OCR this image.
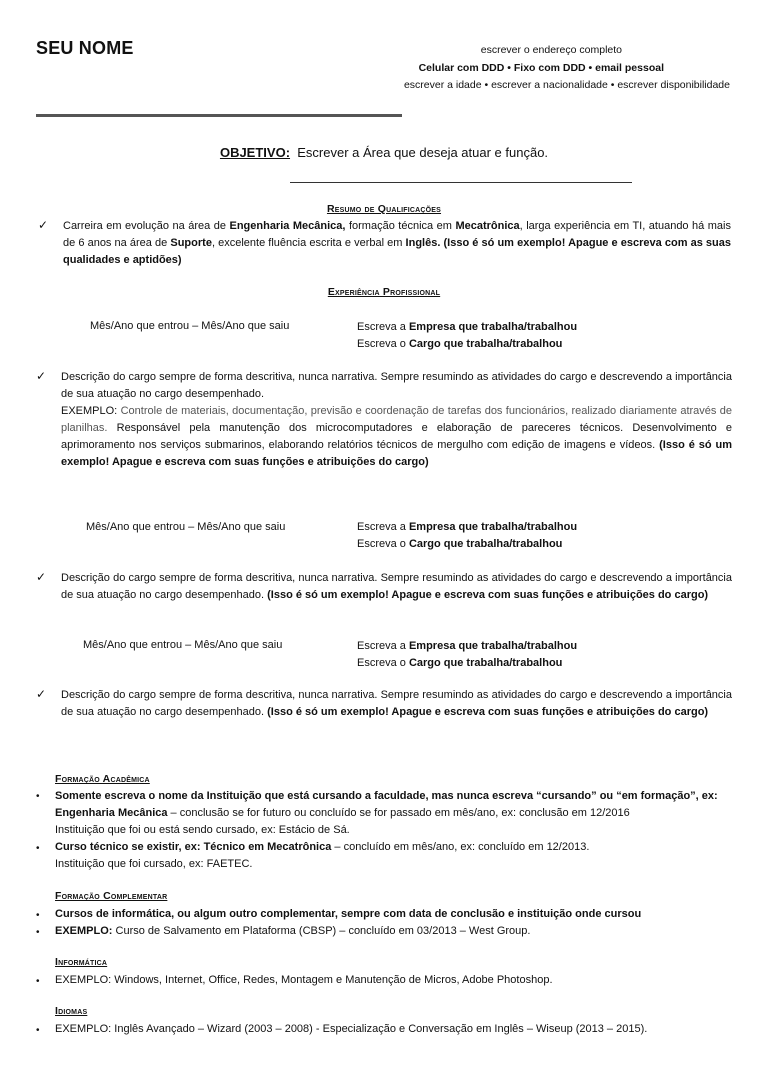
SEU NOME	escrever o endereço completo
Celular com DDD • Fixo com DDD • email pessoal
escrever a idade • escrever a nacionalidade • escrever disponibilidade
OBJETIVO: Escrever a Área que deseja atuar e função.
Resumo de Qualificações
✓ Carreira em evolução na área de Engenharia Mecânica, formação técnica em Mecatrônica, larga experiência em TI, atuando há mais de 6 anos na área de Suporte, excelente fluência escrita e verbal em Inglês. (Isso é só um exemplo! Apague e escreva com as suas qualidades e aptidões)
Experiência Profissional
Mês/Ano que entrou – Mês/Ano que saiu	Escreva a Empresa que trabalha/trabalhou
Escreva o Cargo que trabalha/trabalhou
✓ Descrição do cargo sempre de forma descritiva, nunca narrativa. Sempre resumindo as atividades do cargo e descrevendo a importância de sua atuação no cargo desempenhado.
EXEMPLO: Controle de materiais, documentação, previsão e coordenação de tarefas dos funcionários, realizado diariamente através de planilhas. Responsável pela manutenção dos microcomputadores e elaboração de pareceres técnicos. Desenvolvimento e aprimoramento nos serviços submarinos, elaborando relatórios técnicos de mergulho com edição de imagens e vídeos. (Isso é só um exemplo! Apague e escreva com suas funções e atribuições do cargo)
Mês/Ano que entrou – Mês/Ano que saiu	Escreva a Empresa que trabalha/trabalhou
Escreva o Cargo que trabalha/trabalhou
✓ Descrição do cargo sempre de forma descritiva, nunca narrativa. Sempre resumindo as atividades do cargo e descrevendo a importância de sua atuação no cargo desempenhado. (Isso é só um exemplo! Apague e escreva com suas funções e atribuições do cargo)
Mês/Ano que entrou – Mês/Ano que saiu	Escreva a Empresa que trabalha/trabalhou
Escreva o Cargo que trabalha/trabalhou
✓ Descrição do cargo sempre de forma descritiva, nunca narrativa. Sempre resumindo as atividades do cargo e descrevendo a importância de sua atuação no cargo desempenhado. (Isso é só um exemplo! Apague e escreva com suas funções e atribuições do cargo)
Formação Acadêmica
• Somente escreva o nome da Instituição que está cursando a faculdade, mas nunca escreva “cursando” ou “em formação”, ex: Engenharia Mecânica – conclusão se for futuro ou concluído se for passado em mês/ano, ex: conclusão em 12/2016
Instituição que foi ou está sendo cursado, ex: Estácio de Sá.
• Curso técnico se existir, ex: Técnico em Mecatrônica – concluído em mês/ano, ex: concluído em 12/2013.
Instituição que foi cursado, ex: FAETEC.
Formação Complementar
• Cursos de informática, ou algum outro complementar, sempre com data de conclusão e instituição onde cursou
• EXEMPLO: Curso de Salvamento em Plataforma (CBSP) – concluído em 03/2013 – West Group.
Informática
• EXEMPLO: Windows, Internet, Office, Redes, Montagem e Manutenção de Micros, Adobe Photoshop.
Idiomas
• EXEMPLO: Inglês Avançado – Wizard (2003 – 2008) - Especialização e Conversação em Inglês – Wiseup (2013 – 2015).
